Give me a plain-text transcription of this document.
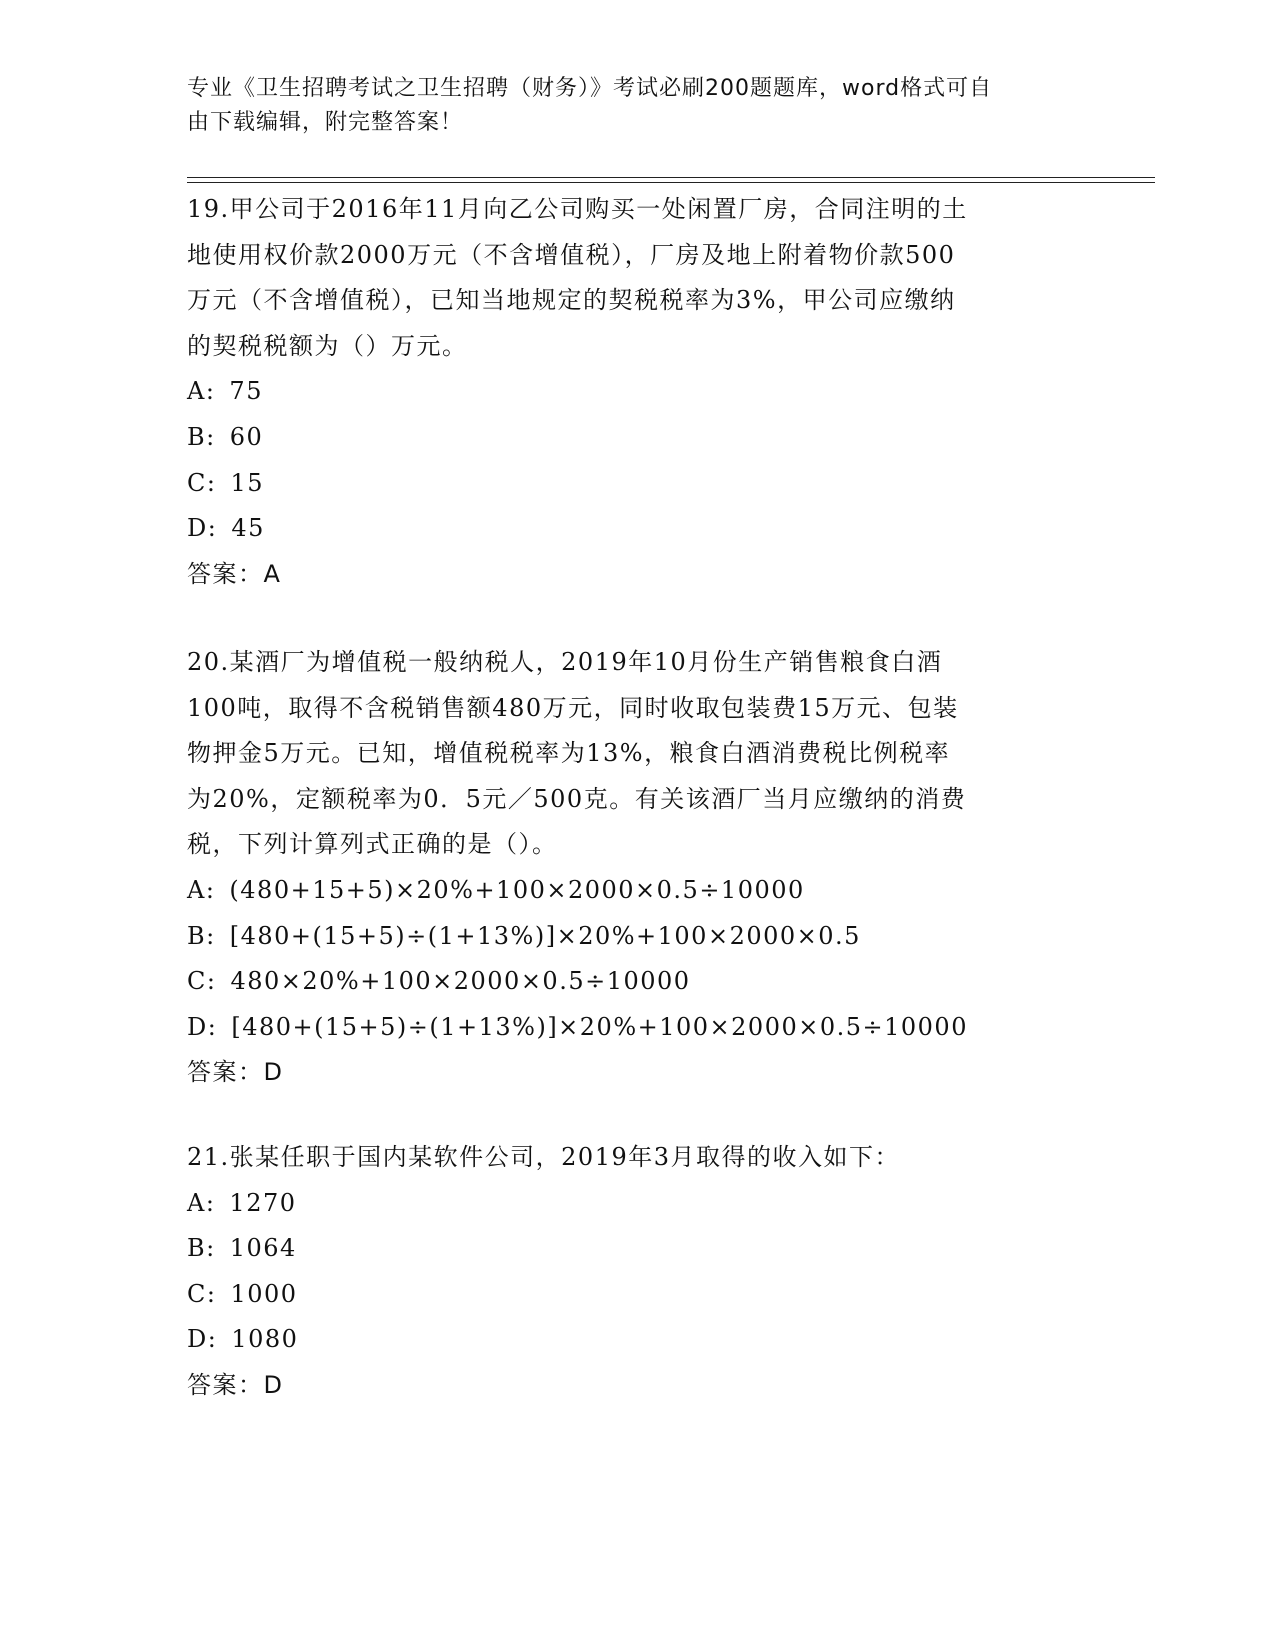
专业《卫生招聘考试之卫生招聘（财务）》考试必刷200题题库，word格式可自
由下载编辑，附完整答案！
19.甲公司于2016年11月向乙公司购买一处闲置厂房，合同注明的土
地使用权价款2000万元（不含增值税），厂房及地上附着物价款500
万元（不含增值税），已知当地规定的契税税率为3%，甲公司应缴纳
的契税税额为（）万元。
A: 75
B: 60
C: 15
D: 45
答案：A
20.某酒厂为增值税一般纳税人，2019年10月份生产销售粮食白酒
100吨，取得不含税销售额480万元，同时收取包装费15万元、包装
物押金5万元。已知，增值税税率为13%，粮食白酒消费税比例税率
为20%，定额税率为0．5元／500克。有关该酒厂当月应缴纳的消费
税，下列计算列式正确的是（）。
A: (480+15+5)×20%+100×2000×0.5÷10000
B: [480+(15+5)÷(1+13%)]×20%+100×2000×0.5
C: 480×20%+100×2000×0.5÷10000
D: [480+(15+5)÷(1+13%)]×20%+100×2000×0.5÷10000
答案：D
21.张某任职于国内某软件公司，2019年3月取得的收入如下：
A: 1270
B: 1064
C: 1000
D: 1080
答案：D
